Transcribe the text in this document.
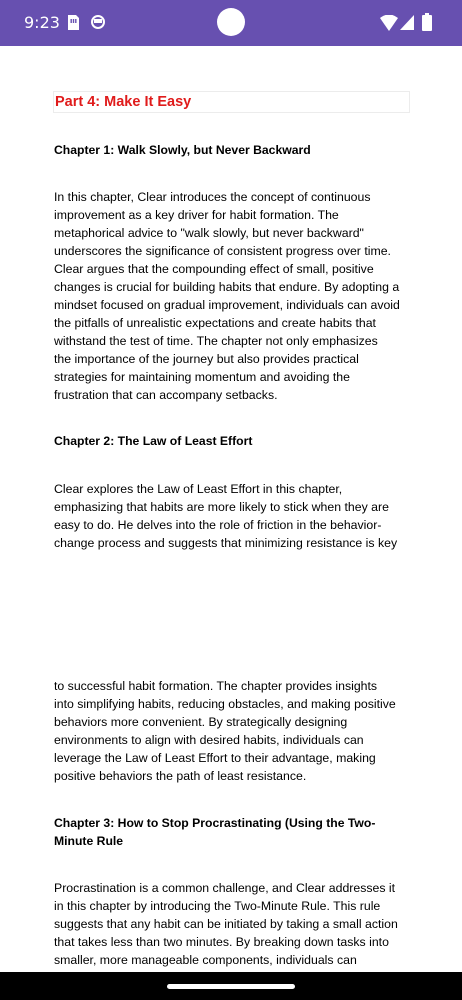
9:23
Part 4: Make It Easy
Chapter 1: Walk Slowly, but Never Backward
In this chapter, Clear introduces the concept of continuous
improvement as a key driver for habit formation. The
metaphorical advice to "walk slowly, but never backward"
underscores the significance of consistent progress over time.
Clear argues that the compounding effect of small, positive
changes is crucial for building habits that endure. By adopting a
mindset focused on gradual improvement, individuals can avoid
the pitfalls of unrealistic expectations and create habits that
withstand the test of time. The chapter not only emphasizes
the importance of the journey but also provides practical
strategies for maintaining momentum and avoiding the
frustration that can accompany setbacks.
Chapter 2: The Law of Least Effort
Clear explores the Law of Least Effort in this chapter,
emphasizing that habits are more likely to stick when they are
easy to do. He delves into the role of friction in the behavior-
change process and suggests that minimizing resistance is key
to successful habit formation. The chapter provides insights
into simplifying habits, reducing obstacles, and making positive
behaviors more convenient. By strategically designing
environments to align with desired habits, individuals can
leverage the Law of Least Effort to their advantage, making
positive behaviors the path of least resistance.
Chapter 3: How to Stop Procrastinating (Using the Two-
Minute Rule
Procrastination is a common challenge, and Clear addresses it
in this chapter by introducing the Two-Minute Rule. This rule
suggests that any habit can be initiated by taking a small action
that takes less than two minutes. By breaking down tasks into
smaller, more manageable components, individuals can
